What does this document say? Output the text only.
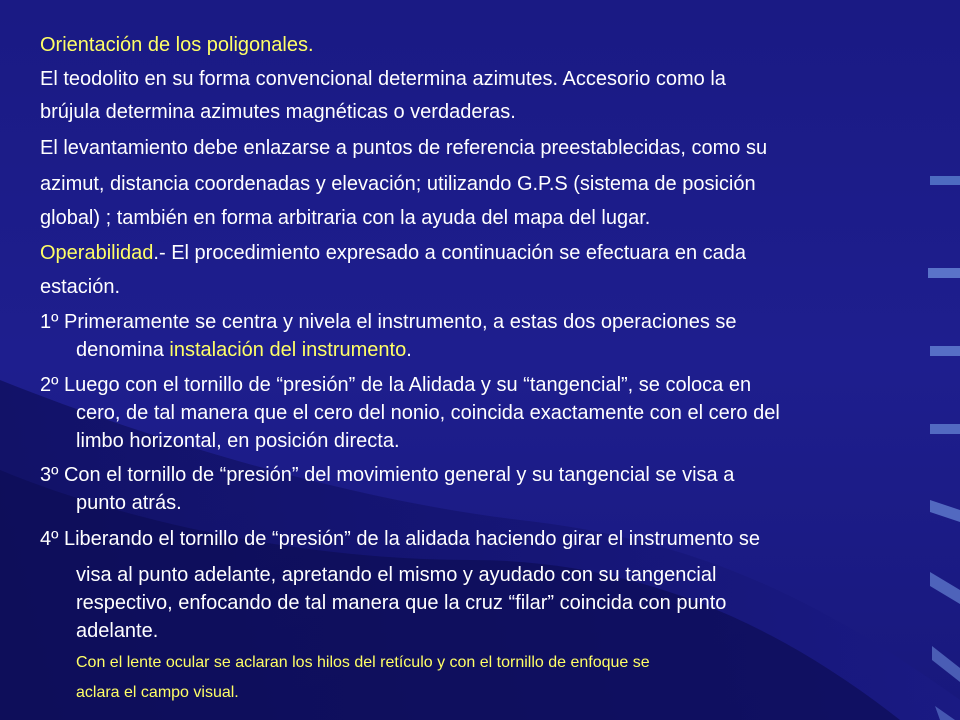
Orientación de los poligonales.
El teodolito en su forma convencional determina azimutes. Accesorio como la
brújula determina azimutes magnéticas o verdaderas.
El levantamiento debe enlazarse a puntos de referencia preestablecidas, como su
azimut, distancia coordenadas y elevación; utilizando G.P.S (sistema de posición
global) ; también en forma arbitraria con la ayuda del mapa del lugar.
Operabilidad.- El procedimiento expresado a continuación se efectuara en cada
estación.
1º Primeramente se centra y nivela el instrumento, a estas dos operaciones se
denomina instalación del instrumento.
2º Luego con el tornillo de “presión” de la Alidada y su “tangencial”, se coloca en
cero, de tal manera que el cero del nonio, coincida exactamente con el cero del
limbo horizontal, en posición directa.
3º Con el tornillo de “presión” del movimiento general y su tangencial se visa a
punto atrás.
4º Liberando el tornillo de “presión” de la alidada haciendo girar el instrumento se
visa al punto adelante, apretando el mismo y ayudado con su tangencial
respectivo, enfocando de tal manera que la cruz “filar” coincida con punto
adelante.
Con el lente ocular se aclaran los hilos del retículo y con el tornillo de enfoque se
aclara el campo visual.
